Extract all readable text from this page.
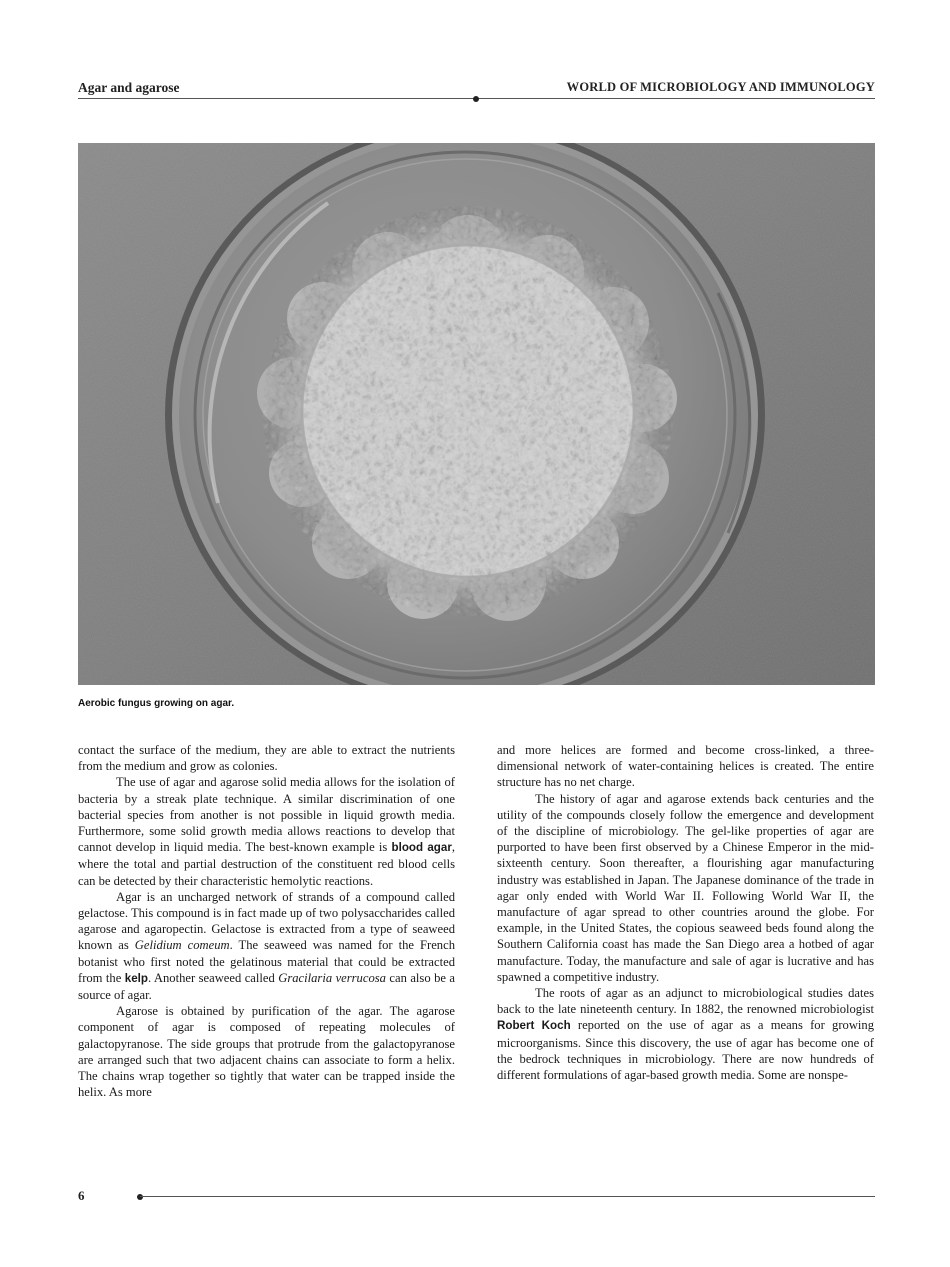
Agar and agarose	WORLD OF MICROBIOLOGY AND IMMUNOLOGY
Aerobic fungus growing on agar.

contact the surface of the medium, they are able to extract the nutrients from the medium and grow as colonies.

The use of agar and agarose solid media allows for the isolation of bacteria by a streak plate technique. A similar discrimination of one bacterial species from another is not possible in liquid growth media. Furthermore, some solid growth media allows reactions to develop that cannot develop in liquid media. The best-known example is blood agar, where the total and partial destruction of the constituent red blood cells can be detected by their characteristic hemolytic reactions.

Agar is an uncharged network of strands of a compound called gelactose. This compound is in fact made up of two polysaccharides called agarose and agaropectin. Gelactose is extracted from a type of seaweed known as Gelidium comeum. The seaweed was named for the French botanist who first noted the gelatinous material that could be extracted from the kelp. Another seaweed called Gracilaria verrucosa can also be a source of agar.

Agarose is obtained by purification of the agar. The agarose component of agar is composed of repeating molecules of galactopyranose. The side groups that protrude from the galactopyranose are arranged such that two adjacent chains can associate to form a helix. The chains wrap together so tightly that water can be trapped inside the helix. As more

and more helices are formed and become cross-linked, a three-dimensional network of water-containing helices is created. The entire structure has no net charge.

The history of agar and agarose extends back centuries and the utility of the compounds closely follow the emergence and development of the discipline of microbiology. The gel-like properties of agar are purported to have been first observed by a Chinese Emperor in the mid-sixteenth century. Soon thereafter, a flourishing agar manufacturing industry was established in Japan. The Japanese dominance of the trade in agar only ended with World War II. Following World War II, the manufacture of agar spread to other countries around the globe. For example, in the United States, the copious seaweed beds found along the Southern California coast has made the San Diego area a hotbed of agar manufacture. Today, the manufacture and sale of agar is lucrative and has spawned a competitive industry.

The roots of agar as an adjunct to microbiological studies dates back to the late nineteenth century. In 1882, the renowned microbiologist Robert Koch reported on the use of agar as a means for growing microorganisms. Since this discovery, the use of agar has become one of the bedrock techniques in microbiology. There are now hundreds of different formulations of agar-based growth media. Some are nonspe-

6
